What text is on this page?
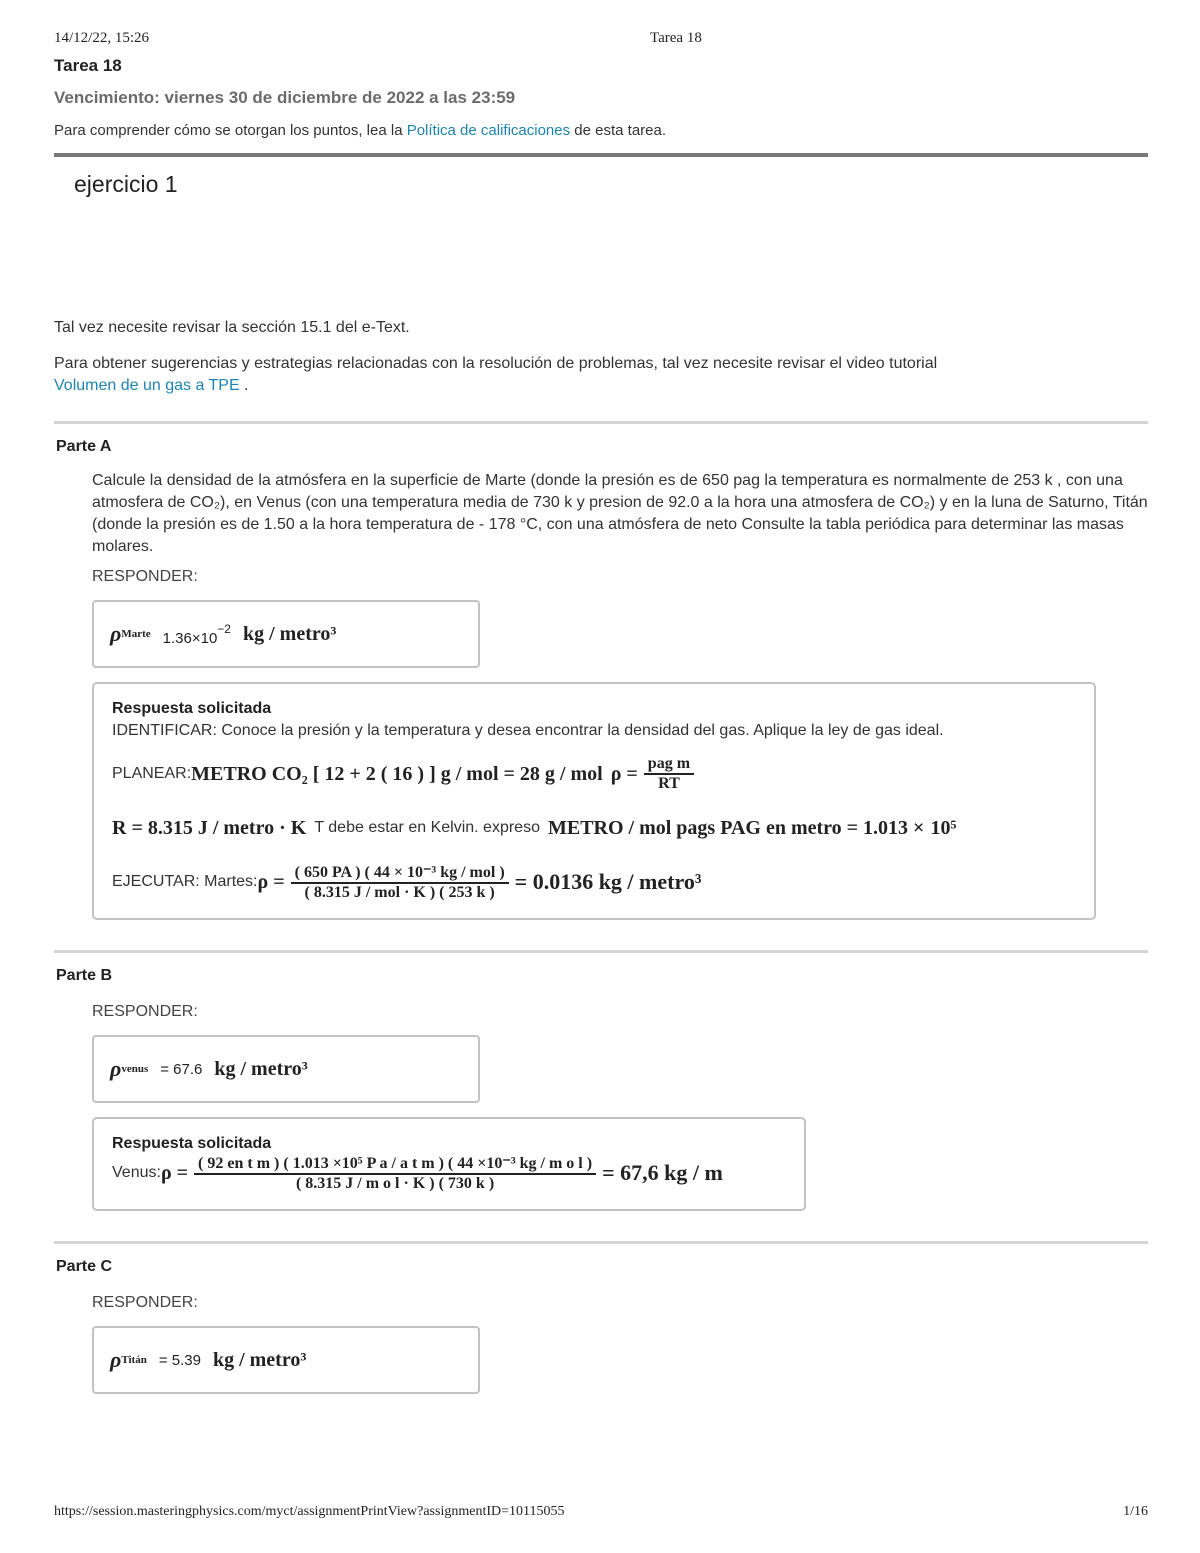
14/12/22, 15:26	Tarea 18
Tarea 18
Vencimiento: viernes 30 de diciembre de 2022 a las 23:59
Para comprender cómo se otorgan los puntos, lea la Política de calificaciones de esta tarea.
ejercicio 1

Tal vez necesite revisar la sección 15.1 del e-Text.

Para obtener sugerencias y estrategias relacionadas con la resolución de problemas, tal vez necesite revisar el video tutorial
Volumen de un gas a TPE .

Parte A
Calcule la densidad de la atmósfera en la superficie de Marte (donde la presión es de 650 pag la temperatura es normalmente de 253 k , con una atmosfera de CO₂), en Venus (con una temperatura media de 730 k y presion de 92.0 a la hora una atmosfera de CO₂) y en la luna de Saturno, Titán (donde la presión es de 1.50 a la hora temperatura de - 178 °C, con una atmósfera de neto Consulte la tabla periódica para determinar las masas molares.
RESPONDER:
ρ Marte $1.36\times 10^{-2}$ kg / metro³
Respuesta solicitada
IDENTIFICAR: Conoce la presión y la temperatura y desea encontrar la densidad del gas. Aplique la ley de gas ideal.
PLANEAR: METRO CO₂ [ 12 + 2 ( 16 ) ] g / mol = 28 g / mol $\rho = \frac{\text{pag m}}{RT}$
R = 8.315 J / metro · K T debe estar en Kelvin. expreso METRO / mol pags PAG en metro = 1.013 × 10⁵
EJECUTAR: Martes: $\rho = \frac{\text{( 650 PA ) ( 44 × 10⁻³ kg / mol )}}{\text{( 8.315 J / mol · K ) ( 253 k )}} = 0.0136$ kg / metro³
Parte B
RESPONDER:
ρ venus = 67.6 kg / metro³
Respuesta solicitada
Venus: ρ = ( 92 en t m ) ( 1.013 ×10⁵ P a / a t m ) ( 44 ×10⁻³ kg / m o l )
( 8.315 J / m o l · K ) ( 730 k )	= 67,6 kg / m
Parte C
RESPONDER:
ρ Titán = 5.39 kg / metro³
https://session.masteringphysics.com/myct/assignmentPrintView?assignmentID=10115055	1/16
